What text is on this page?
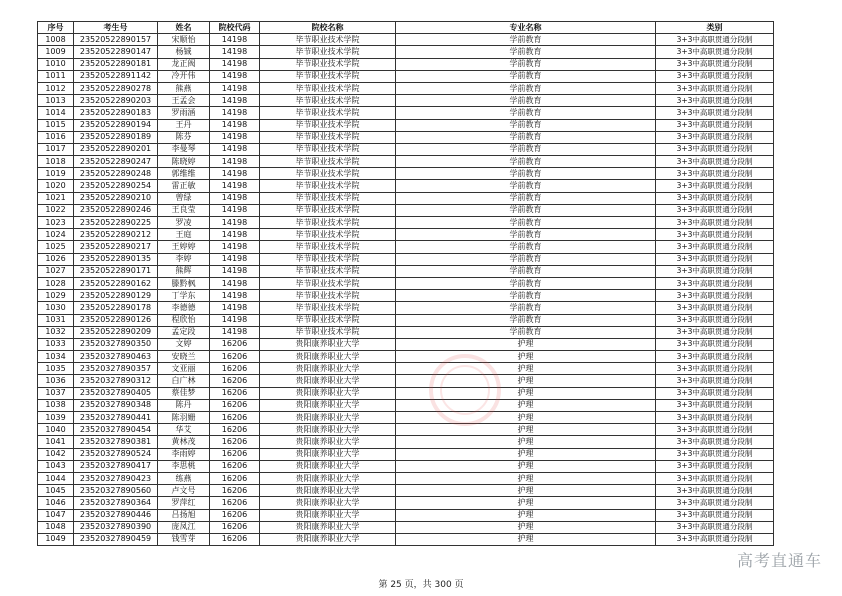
序号	考生号	姓名	院校代码	院校名称	专业名称	类别
1008	23520522890157	宋顺怡	14198	毕节职业技术学院	学前教育	3+3中高职贯通分段制
1009	23520522890147	杨铖	14198	毕节职业技术学院	学前教育	3+3中高职贯通分段制
1010	23520522890181	龙正阀	14198	毕节职业技术学院	学前教育	3+3中高职贯通分段制
1011	23520522891142	冷开伟	14198	毕节职业技术学院	学前教育	3+3中高职贯通分段制
1012	23520522890278	熊燕	14198	毕节职业技术学院	学前教育	3+3中高职贯通分段制
1013	23520522890203	王孟会	14198	毕节职业技术学院	学前教育	3+3中高职贯通分段制
1014	23520522890183	罗雨涵	14198	毕节职业技术学院	学前教育	3+3中高职贯通分段制
1015	23520522890194	王丹	14198	毕节职业技术学院	学前教育	3+3中高职贯通分段制
1016	23520522890189	陈芬	14198	毕节职业技术学院	学前教育	3+3中高职贯通分段制
1017	23520522890201	李曼琴	14198	毕节职业技术学院	学前教育	3+3中高职贯通分段制
1018	23520522890247	陈晓婷	14198	毕节职业技术学院	学前教育	3+3中高职贯通分段制
1019	23520522890248	郭维维	14198	毕节职业技术学院	学前教育	3+3中高职贯通分段制
1020	23520522890254	雷正敏	14198	毕节职业技术学院	学前教育	3+3中高职贯通分段制
1021	23520522890210	曾绿	14198	毕节职业技术学院	学前教育	3+3中高职贯通分段制
1022	23520522890246	王良莹	14198	毕节职业技术学院	学前教育	3+3中高职贯通分段制
1023	23520522890225	罗凌	14198	毕节职业技术学院	学前教育	3+3中高职贯通分段制
1024	23520522890212	王庭	14198	毕节职业技术学院	学前教育	3+3中高职贯通分段制
1025	23520522890217	王婷婷	14198	毕节职业技术学院	学前教育	3+3中高职贯通分段制
1026	23520522890135	李婷	14198	毕节职业技术学院	学前教育	3+3中高职贯通分段制
1027	23520522890171	熊辉	14198	毕节职业技术学院	学前教育	3+3中高职贯通分段制
1028	23520522890162	滕黔枫	14198	毕节职业技术学院	学前教育	3+3中高职贯通分段制
1029	23520522890129	丁学东	14198	毕节职业技术学院	学前教育	3+3中高职贯通分段制
1030	23520522890178	李德德	14198	毕节职业技术学院	学前教育	3+3中高职贯通分段制
1031	23520522890126	程欣怡	14198	毕节职业技术学院	学前教育	3+3中高职贯通分段制
1032	23520522890209	孟定段	14198	毕节职业技术学院	学前教育	3+3中高职贯通分段制
1033	23520327890350	文婷	16206	贵阳康养职业大学	护理	3+3中高职贯通分段制
1034	23520327890463	安晓兰	16206	贵阳康养职业大学	护理	3+3中高职贯通分段制
1035	23520327890357	文亚丽	16206	贵阳康养职业大学	护理	3+3中高职贯通分段制
1036	23520327890312	白广林	16206	贵阳康养职业大学	护理	3+3中高职贯通分段制
1037	23520327890405	蔡佳梦	16206	贵阳康养职业大学	护理	3+3中高职贯通分段制
1038	23520327890348	陈丹	16206	贵阳康养职业大学	护理	3+3中高职贯通分段制
1039	23520327890441	陈羽姗	16206	贵阳康养职业大学	护理	3+3中高职贯通分段制
1040	23520327890454	华艾	16206	贵阳康养职业大学	护理	3+3中高职贯通分段制
1041	23520327890381	黄林茂	16206	贵阳康养职业大学	护理	3+3中高职贯通分段制
1042	23520327890524	李雨婷	16206	贵阳康养职业大学	护理	3+3中高职贯通分段制
1043	23520327890417	李思桃	16206	贵阳康养职业大学	护理	3+3中高职贯通分段制
1044	23520327890423	练燕	16206	贵阳康养职业大学	护理	3+3中高职贯通分段制
1045	23520327890560	卢文号	16206	贵阳康养职业大学	护理	3+3中高职贯通分段制
1046	23520327890364	罗萍红	16206	贵阳康养职业大学	护理	3+3中高职贯通分段制
1047	23520327890446	吕扬旭	16206	贵阳康养职业大学	护理	3+3中高职贯通分段制
1048	23520327890390	庞凤江	16206	贵阳康养职业大学	护理	3+3中高职贯通分段制
1049	23520327890459	钱雪芽	16206	贵阳康养职业大学	护理	3+3中高职贯通分段制
第 25 页，共 300 页
高考直通车
